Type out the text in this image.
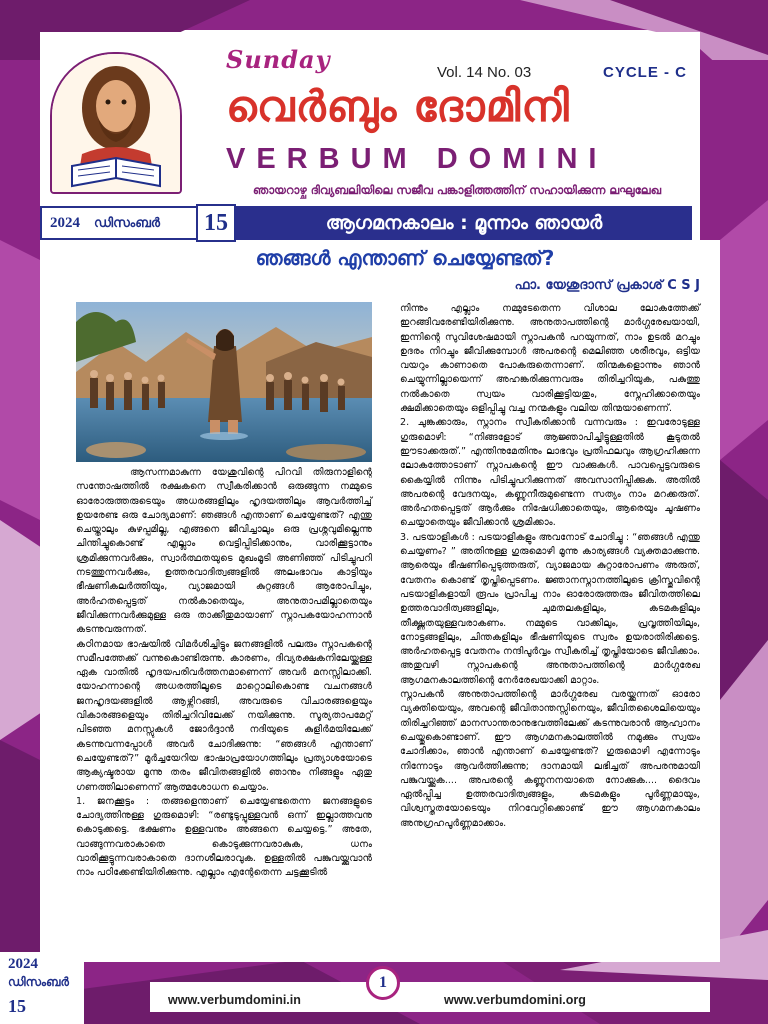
Sunday	Vol. 14 No. 03	CYCLE - C
വെർബും ദോമിനി
VERBUM DOMINI
ഞായറാഴ്ച ദിവ്യബലിയിലെ സജീവ പങ്കാളിത്തത്തിന് സഹായിക്കുന്ന ലഘുലേഖ
2024 ഡിസംബർ	ആഗമനകാലം : മൂന്നാം ഞായർ
15
ഞങ്ങൾ എന്താണ് ചെയ്യേണ്ടത്?
ഫാ. യേശുദാസ് പ്രകാശ് C S J

ആസന്നമാകുന്ന യേശുവിന്റെ പിറവി തിരുനാളിന്റെ സന്തോഷത്തിൽ രക്ഷകനെ സ്വീകരിക്കാൻ ഒരുങ്ങുന്ന നമ്മുടെ ഓരോരുത്തരുടെയും അധരങ്ങളിലും ഹൃദയത്തിലും ആവർത്തിച്ച് ഉയരേണ്ട ഒരു ചോദ്യമാണ്: ഞങ്ങൾ എന്താണ് ചെയ്യേണ്ടത്? എന്തു ചെയ്താലും കുഴപ്പമില്ല, എങ്ങനെ ജീവിച്ചാലും ഒരു പ്രശ്നവുമില്ലെന്നു ചിന്തിച്ചുകൊണ്ട് എല്ലാം വെട്ടിപ്പിടിക്കാനും, വാരിക്കൂട്ടാനും ശ്രമിക്കുന്നവർക്കും, സ്വാർത്ഥതയുടെ മുഖംമൂടി അണിഞ്ഞ് പിടിച്ചുപറി നടത്തുന്നവർക്കും, ഉത്തരവാദിത്വങ്ങളിൽ അലംഭാവം കാട്ടിയും ഭീഷണികലർത്തിയും, വ്യാജമായി കുറ്റങ്ങൾ ആരോപിച്ചും, അർഹതപ്പെട്ടത് നൽകാതെയും, അനുതാപമില്ലാതെയും ജീവിക്കുന്നവർക്കുമുള്ള ഒരു താക്കീതുമായാണ് സ്നാപകയോഹന്നാൻ കടന്നുവരുന്നത്.

കഠിനമായ ഭാഷയിൽ വിമർശിച്ചിട്ടും ജനങ്ങളിൽ പലരും സ്നാപകന്റെ സമീപത്തേക്ക് വന്നുകൊണ്ടിരുന്നു. കാരണം, ദിവ്യരക്ഷകനിലേയ്ക്കുള്ള ഏക വാതിൽ ഹൃദയപരിവർത്തനമാണെന്ന് അവർ മനസ്സിലാക്കി. യോഹന്നാന്റെ അധരത്തിലൂടെ മാറ്റൊലികൊണ്ട വചനങ്ങൾ ജനഹൃദയങ്ങളിൽ ആഴ്ന്നിറങ്ങി, അവരുടെ വിചാരങ്ങളെയും വികാരങ്ങളെയും തിരിച്ചറിവിലേക്ക് നയിക്കുന്നു. സൂര്യതാപമേറ്റ് പിടഞ്ഞ മനസ്സുകൾ ജോർദ്ദാൻ നദിയുടെ കുളിർമയിലേക്ക് കടന്നുവന്നപ്പോൾ അവർ ചോദിക്കുന്നു: “ഞങ്ങൾ എന്താണ് ചെയ്യേണ്ടത്?” മൂർച്ചയേറിയ ഭാഷാപ്രയോഗത്തിലും പ്രത്യാശയോടെ ആക്യഷ്ടരായ മൂന്നു തരം ജീവിതങ്ങളിൽ ഞാനും നിങ്ങളും ഏതു ഗണത്തിലാണെന്ന് ആത്മശോധന ചെയ്യാം.

1. ജനക്കൂട്ടം : തങ്ങളെന്താണ് ചെയ്യേണ്ടതെന്ന ജനങ്ങളുടെ ചോദ്യത്തിനുള്ള ഗുരുമൊഴി: “രണ്ടുടുപ്പുള്ളവൻ ഒന്ന് ഇല്ലാത്തവനു കൊടുക്കട്ടെ. ഭക്ഷണം ഉള്ളവനും അങ്ങനെ ചെയ്യട്ടെ.” അതേ, വാങ്ങുന്നവരാകാതെ കൊടുക്കുന്നവരാകുക, ധനം വാരിക്കൂട്ടുന്നവരാകാതെ ദാനശീലരാവുക. ഉള്ളതിൽ പങ്കുവയ്ക്കുവാൻ നാം പഠിക്കേണ്ടിയിരിക്കുന്നു. എല്ലാം എന്റേതെന്ന ചട്ടക്കൂടിൽ

നിന്നും എല്ലാം നമ്മുടേതെന്ന വിശാല ലോകത്തേക്ക് ഇറങ്ങിവരേണ്ടിയിരിക്കുന്നു. അനുതാപത്തിന്റെ മാർഗ്ഗരേഖയായി, ഇന്നിന്റെ സുവിശേഷമായി സ്നാപകൻ പറയുന്നത്, നാം ഉടൽ മറച്ചും ഉദരം നിറച്ചും ജീവിക്കുമ്പോൾ അപരന്റെ മെലിഞ്ഞ ശരീരവും, ഒട്ടിയ വയറും കാണാതെ പോകരുതെന്നാണ്. തിന്മകളൊന്നും ഞാൻ ചെയ്യുന്നില്ലായെന്ന് അഹങ്കരിക്കുന്നവരും തിരിച്ചറിയുക, പകുത്തു നൽകാതെ സ്വയം വാരിക്കൂട്ടിയതും, സ്നേഹിക്കാതെയും ക്ഷമിക്കാതെയും ഒളിപ്പിച്ചു വച്ച നന്മകളും വലിയ തിന്മയാണെന്ന്.

2. ചുങ്കക്കാരും, സ്നാനം സ്വീകരിക്കാൻ വന്നവരും : ഇവരോടുള്ള ഗുരുമൊഴി: “നിങ്ങളോട് ആജ്ഞാപിച്ചിട്ടുള്ളതിൽ കൂടുതൽ ഈടാക്കരുത്.” എന്തിനുമേതിനും ലാഭവും പ്രതിഫലവും ആഗ്രഹിക്കുന്ന ലോകത്തോടാണ് സ്നാപകന്റെ ഈ വാക്കുകൾ. പാവപ്പെട്ടവരുടെ കൈയ്യിൽ നിന്നും പിടിച്ചുപറിക്കുന്നത് അവസാനിപ്പിക്കുക. അതിൽ അപരന്റെ വേദനയും, കണ്ണുനീരുമുണ്ടെന്ന സത്യം നാം മറക്കരുത്. അർഹതപ്പെട്ടത് ആർക്കും നിഷേധിക്കാതെയും, ആരെയും ചൂഷണം ചെയ്യാതെയും ജീവിക്കാൻ ശ്രമിക്കാം.

3. പടയാളികൾ : പടയാളികളും അവനോട് ചോദിച്ചു : “ഞങ്ങൾ എന്തു ചെയ്യണം? ” അതിനുള്ള ഗുരുമൊഴി മൂന്നു കാര്യങ്ങൾ വ്യക്തമാക്കുന്നു. ആരെയും ഭീഷണിപ്പെടുത്തരുത്, വ്യാജമായ കുറ്റാരോപണം അരുത്, വേതനം കൊണ്ട് തൃപ്തിപ്പെടണം. ജ്ഞാനസ്നാനത്തിലൂടെ ക്രിസ്തുവിന്റെ പടയാളികളായി രൂപം പ്രാപിച്ച നാം ഓരോരുത്തരും ജീവിതത്തിലെ ഉത്തരവാദിത്വങ്ങളിലും, ചുമതലകളിലും, കടമകളിലും തീക്ഷ്ണതയുള്ളവരാകണം. നമ്മുടെ വാക്കിലും, പ്രവൃത്തിയിലും, നോട്ടങ്ങളിലും, ചിന്തകളിലും ഭീഷണിയുടെ സ്വരം ഉയരാതിരിക്കട്ടെ. അർഹതപ്പെട്ട വേതനം നന്ദിപൂർവ്വം സ്വീകരിച്ച് തൃപ്തിയോടെ ജീവിക്കാം. അതുവഴി സ്നാപകന്റെ അനുതാപത്തിന്റെ മാർഗ്ഗരേഖ ആഗമനകാലത്തിന്റെ നേർരേഖയാക്കി മാറ്റാം.

സ്നാപകൻ അനുതാപത്തിന്റെ മാർഗ്ഗരേഖ വരയ്ക്കുന്നത് ഓരോ വ്യക്തിയെയും, അവന്റെ ജീവിതാന്തസ്സിനെയും, ജീവിതശൈലിയെയും തിരിച്ചറിഞ്ഞ് മാനസാന്തരാനുഭവത്തിലേക്ക് കടന്നുവരാൻ ആഹ്വാനം ചെയ്തുകൊണ്ടാണ്. ഈ ആഗമനകാലത്തിൽ നമുക്കും സ്വയം ചോദിക്കാം, ഞാൻ എന്താണ് ചെയ്യേണ്ടത്? ഗുരുമൊഴി എന്നോടും നിന്നോടും ആവർത്തിക്കുന്നു; ദാനമായി ലഭിച്ചത് അപരനുമായി പങ്കുവയ്ക്കുക.... അപരന്റെ കണ്ണുനനയാതെ നോക്കുക.... ദൈവം ഏൽപ്പിച്ച ഉത്തരവാദിത്വങ്ങളും, കടമകളും പൂർണ്ണമായും, വിശ്വസ്തതയോടെയും നിറവേറ്റിക്കൊണ്ട് ഈ ആഗമനകാലം അനുഗ്രഹപൂർണ്ണമാക്കാം.

2024
ഡിസംബർ
15	www.verbumdomini.in
1
www.verbumdomini.org
